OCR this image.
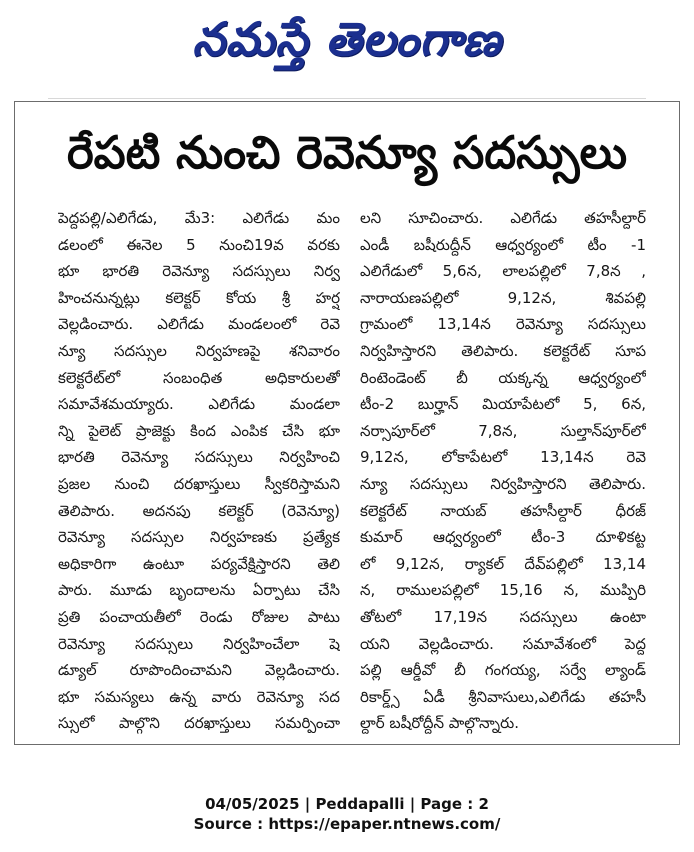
నమస్తే తెలంగాణ
రేపటి నుంచి రెవెన్యూ సదస్సులు
పెద్దపల్లి/ఎలిగేడు, మే3: ఎలిగేడు మం
డలంలో ఈనెల 5 నుంచి19వ వరకు
భూ భారతి రెవెన్యూ సదస్సులు నిర్వ
హించనున్నట్లు కలెక్టర్ కోయ శ్రీ హర్ష
వెల్లడించారు. ఎలిగేడు మండలంలో రెవె
న్యూ సదస్సుల నిర్వహణపై శనివారం
కలెక్టరేట్‌లో సంబంధిత అధికారులతో
సమావేశమయ్యారు. ఎలిగేడు మండలా
న్ని పైలెట్ ప్రాజెక్టు కింద ఎంపిక చేసి భూ
భారతి రెవెన్యూ సదస్సులు నిర్వహించి
ప్రజల నుంచి దరఖాస్తులు స్వీకరిస్తామని
తెలిపారు. అదనపు కలెక్టర్ (రెవెన్యూ)
రెవెన్యూ సదస్సుల నిర్వహణకు ప్రత్యేక
అధికారిగా ఉంటూ పర్యవేక్షిస్తారని తెలి
పారు. మూడు బృందాలను ఏర్పాటు చేసి
ప్రతి పంచాయతీలో రెండు రోజుల పాటు
రెవెన్యూ సదస్సులు నిర్వహించేలా షె
డ్యూల్ రూపొందించామని వెల్లడించారు.
భూ సమస్యలు ఉన్న వారు రెవెన్యూ సద
స్సులో పాల్గొని దరఖాస్తులు సమర్పించా
లని సూచించారు. ఎలిగేడు తహసీల్దార్
ఎండీ బషీరుద్దీన్ ఆధ్వర్యంలో టీం -1
ఎలిగేడులో 5,6న, లాలపల్లిలో 7,8న ,
నారాయణపల్లిలో 9,12న, శివపల్లి
గ్రామంలో 13,14న రెవెన్యూ సదస్సులు
నిర్వహిస్తారని తెలిపారు. కలెక్టరేట్ సూప
రింటెండెంట్ బీ యక్కన్న ఆధ్వర్యంలో
టీం-2 బుర్హాన్ మియాపేటలో 5, 6న,
నర్సాపూర్‌లో 7,8న, సుల్తాన్‌పూర్‌లో
9,12న, లోకాపేటలో 13,14న రెవె
న్యూ సదస్సులు నిర్వహిస్తారని తెలిపారు.
కలెక్టరేట్ నాయబ్ తహసీల్దార్ ధీరజ్
కుమార్ ఆధ్వర్యంలో టీం-3 దూళికట్ట
లో 9,12న, ర్యాకల్ దేవ్‌పల్లిలో 13,14
న, రాములపల్లిలో 15,16 న, ముప్పిరి
తోటలో 17,19న సదస్సులు ఉంటా
యని వెల్లడించారు. సమావేశంలో పెద్ద
పల్లి ఆర్డీవో బీ గంగయ్య, సర్వే ల్యాండ్
రికార్డ్స్ ఏడీ శ్రీనివాసులు,ఎలిగేడు తహసీ
ల్దార్ బషీరోద్దీన్ పాల్గొన్నారు.
04/05/2025 | Peddapalli | Page : 2
Source : https://epaper.ntnews.com/
